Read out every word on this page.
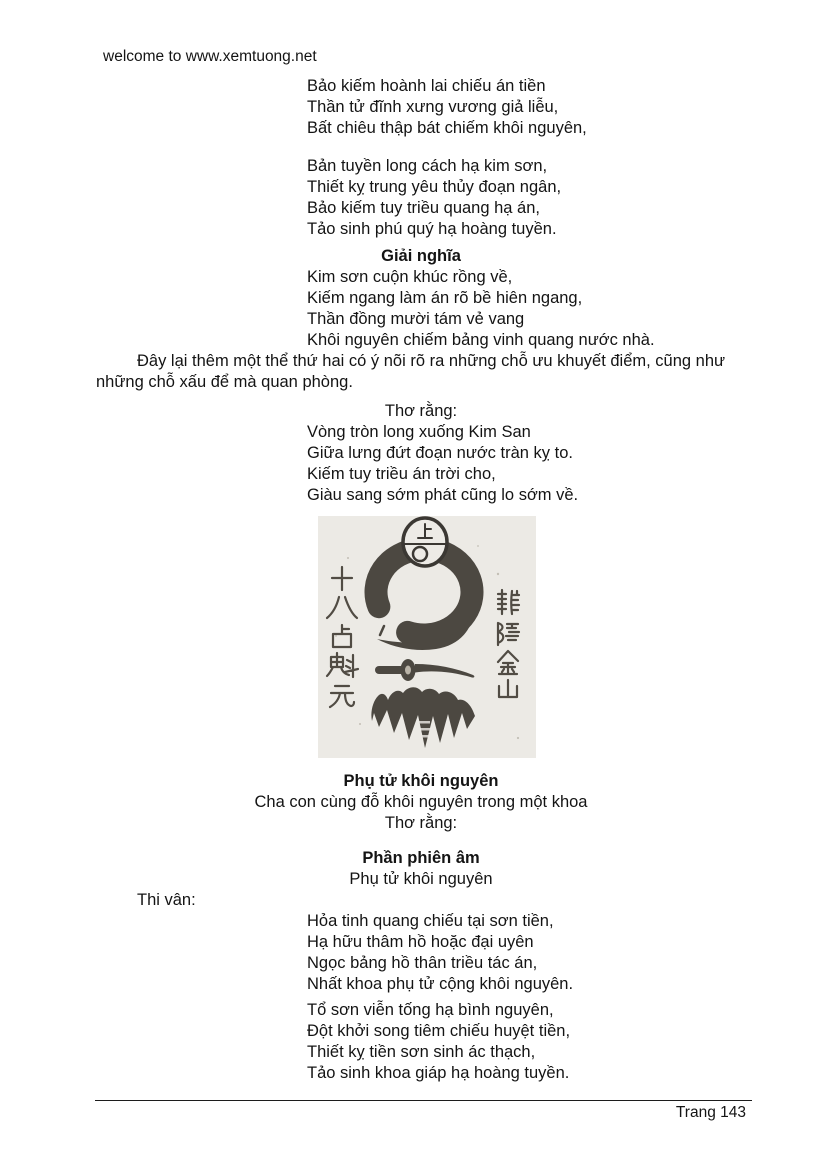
welcome to www.xemtuong.net
Bảo kiếm hoành lai chiếu án tiền
Thần tử đĩnh xưng vương giả liễu,
Bất chiêu thập bát chiếm khôi nguyên,
Bản tuyền long cách hạ kim sơn,
Thiết kỵ trung yêu thủy đoạn ngân,
Bảo kiếm tuy triều quang hạ án,
Tảo sinh phú quý hạ hoàng tuyền.
Giải nghĩa
Kim sơn cuộn khúc rồng về,
Kiếm ngang làm án rõ bề hiên ngang,
Thần đồng mười tám vẻ vang
Khôi nguyên chiếm bảng vinh quang nước nhà.
Đây lại thêm một thể thứ hai có ý nõi rõ ra những chỗ ưu khuyết điểm, cũng như
những chỗ xấu để mà quan phòng.
Thơ rằng:
Vòng tròn long xuống Kim San
Giữa lưng đứt đoạn nước tràn kỵ to.
Kiếm tuy triều án trời cho,
Giàu sang sớm phát cũng lo sớm về.
Phụ tử khôi nguyên
Cha con cùng đỗ khôi nguyên trong một khoa
Thơ rằng:
Phần phiên âm
Phụ tử khôi nguyên
Thi vân:
Hỏa tinh quang chiếu tại sơn tiền,
Hạ hữu thâm hồ hoặc đại uyên
Ngọc bảng hồ thân triều tác án,
Nhất khoa phụ tử cộng khôi nguyên.
Tổ sơn viễn tống hạ bình nguyên,
Đột khởi song tiêm chiếu huyệt tiền,
Thiết kỵ tiền sơn sinh ác thạch,
Tảo sinh khoa giáp hạ hoàng tuyền.
Trang 143
